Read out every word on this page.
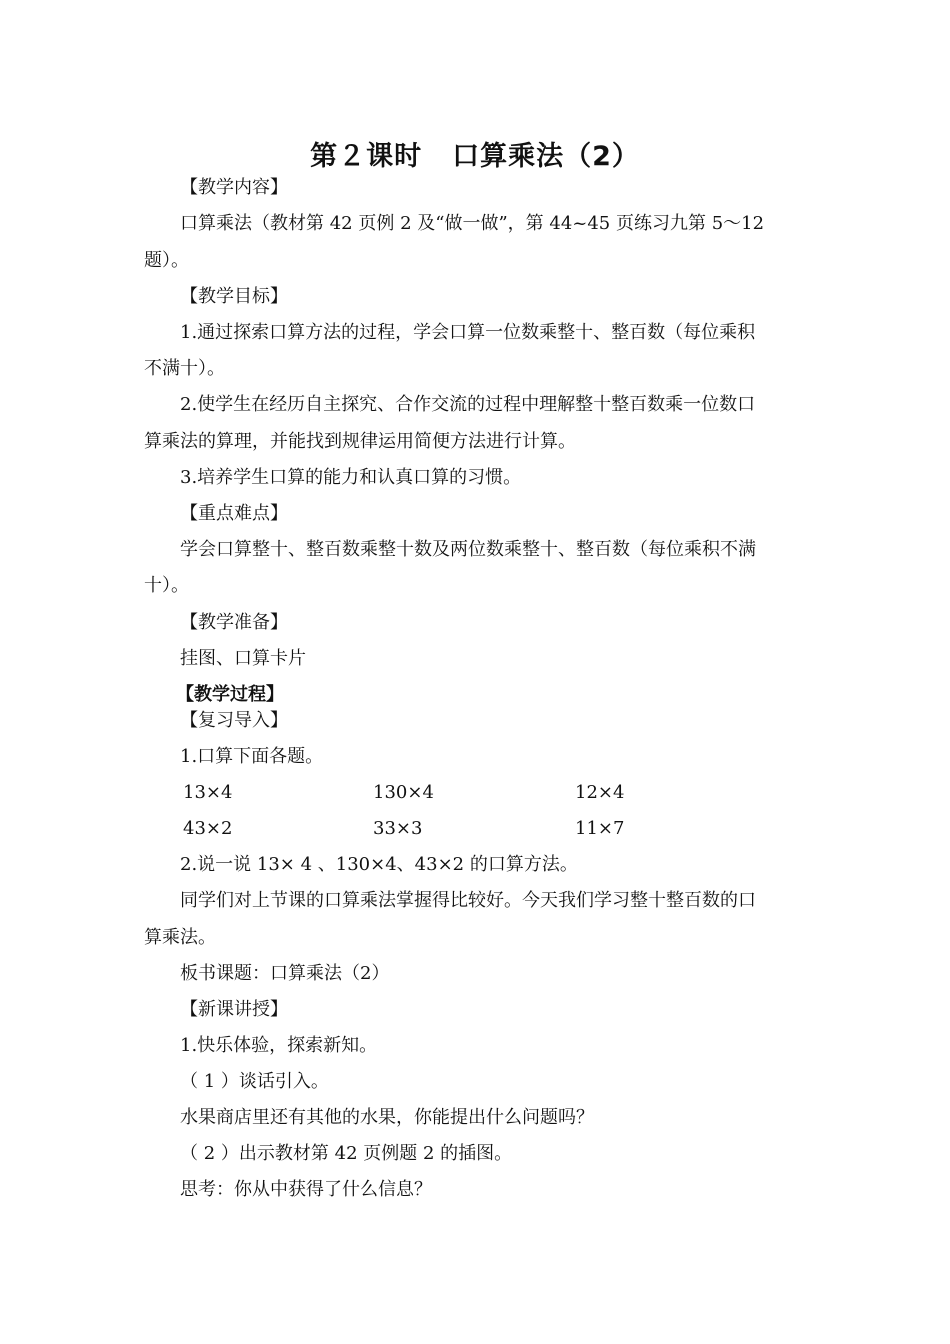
第２课时 口算乘法（2）
【教学内容】
口算乘法（教材第 42 页例 2 及“做一做”，第 44~45 页练习九第 5～12
题）。
【教学目标】
1.通过探索口算方法的过程，学会口算一位数乘整十、整百数（每位乘积
不满十）。
2.使学生在经历自主探究、合作交流的过程中理解整十整百数乘一位数口
算乘法的算理，并能找到规律运用简便方法进行计算。
3.培养学生口算的能力和认真口算的习惯。
【重点难点】
学会口算整十、整百数乘整十数及两位数乘整十、整百数（每位乘积不满
十）。
【教学准备】
挂图、口算卡片
【教学过程】
【复习导入】
1.口算下面各题。
13×4	130×4	12×4
43×2	33×3	11×7
2.说一说 13× 4 、130×4、43×2 的口算方法。
同学们对上节课的口算乘法掌握得比较好。今天我们学习整十整百数的口
算乘法。
板书课题：口算乘法（2）
【新课讲授】
1.快乐体验，探索新知。
（ 1 ）谈话引入。
水果商店里还有其他的水果，你能提出什么问题吗？
（ 2 ）出示教材第 42 页例题 2 的插图。
思考：你从中获得了什么信息？
